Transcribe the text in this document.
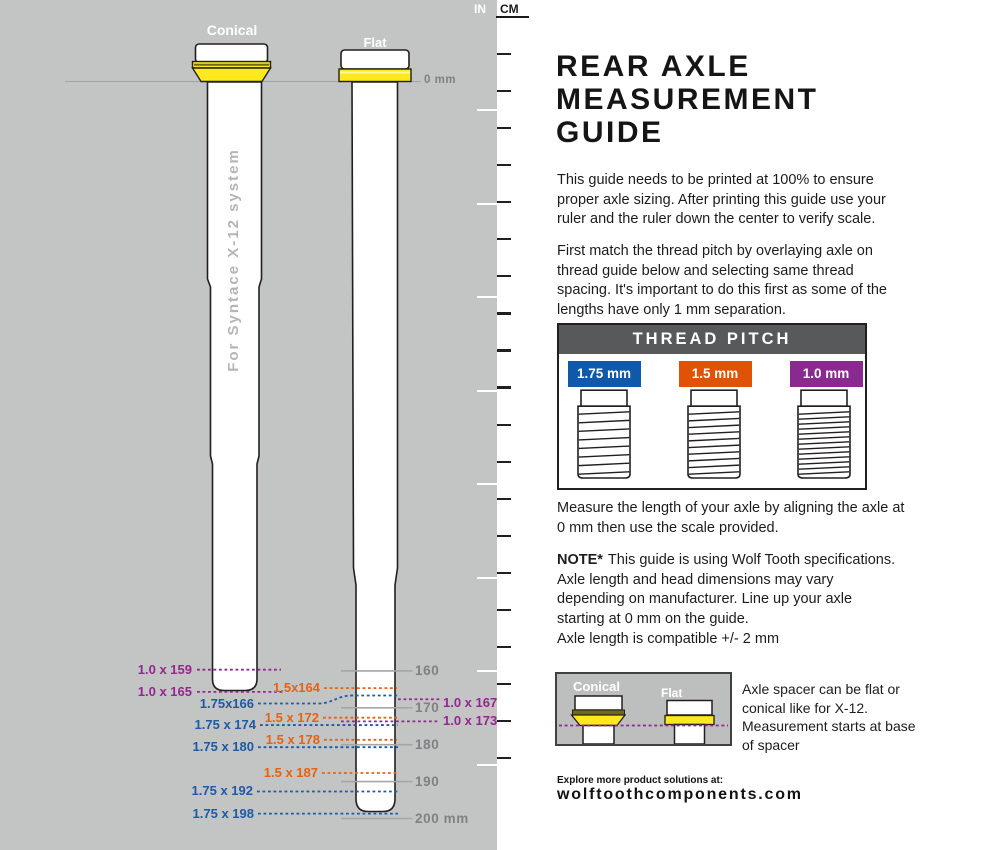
Conical
Flat
For Syntace X-12 system
0 mm
160
170
180
190
200 mm
1.0 x 159
1.5x164
1.0 x 165
1.75x166	1.0 x 167
1.5 x 172	1.0 x 173
1.75 x 174
1.5 x 178
1.75 x 180
1.5 x 187
1.75 x 192
1.75 x 198
IN CM
REAR AXLE MEASUREMENT GUIDE
This guide needs to be printed at 100% to ensure proper axle sizing. After printing this guide use your ruler and the ruler down the center to verify scale.
First match the thread pitch by overlaying axle on thread guide below and selecting same thread spacing. It's important to do this first as some of the lengths have only 1 mm separation.
THREAD PITCH
1.75 mm	1.5 mm	1.0 mm
Measure the length of your axle by aligning the axle at 0 mm then use the scale provided.
NOTE* This guide is using Wolf Tooth specifications. Axle length and head dimensions may vary depending on manufacturer. Line up your axle starting at 0 mm on the guide.
Axle length is compatible +/- 2 mm
Conical	Flat	Axle spacer can be flat or conical like for X-12. Measurement starts at base of spacer
Explore more product solutions at:
wolftoothcomponents.com
